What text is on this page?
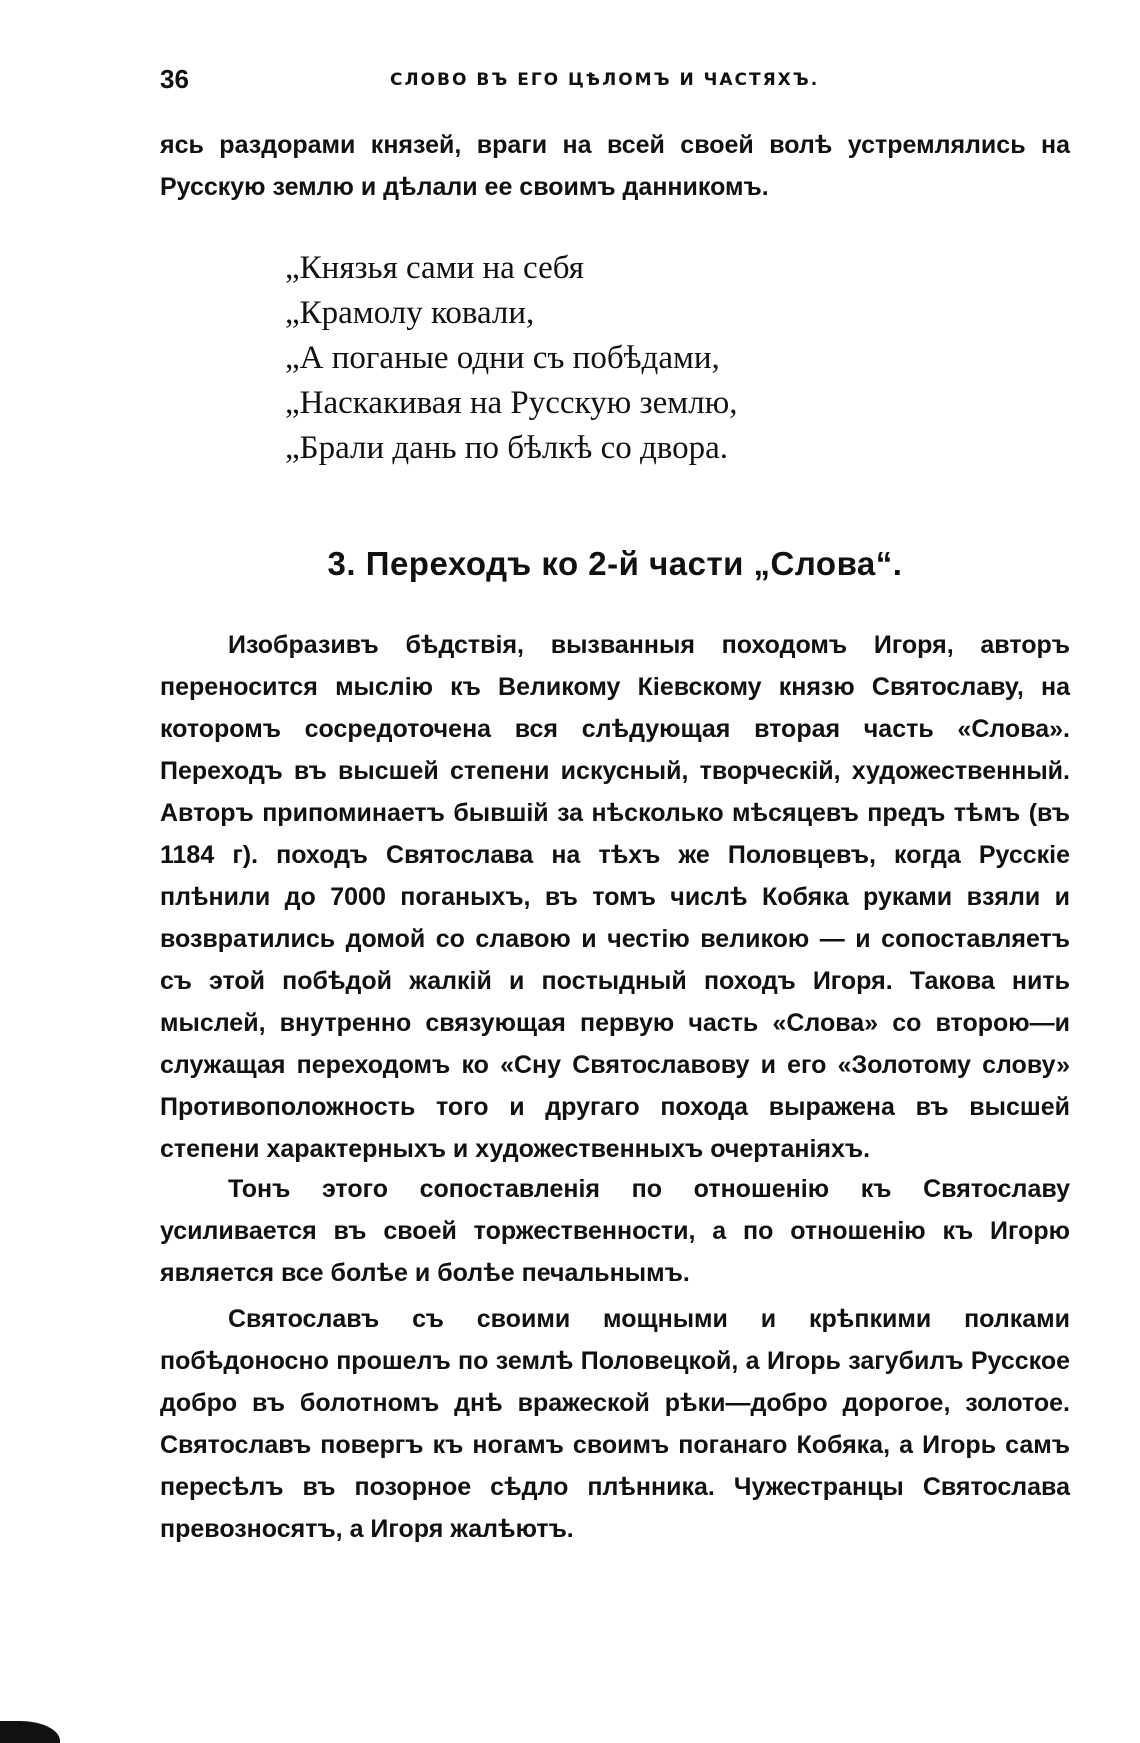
36	СЛОВО ВЪ ЕГО ЦѢЛОМЪ И ЧАСТЯХЪ.

ясь раздорами князей, враги на всей своей волѣ устремлялись на Русскую землю и дѣлали ее своимъ данникомъ.

„Князья сами на себя
„Крамолу ковали,
„А поганые одни съ побѣдами,
„Наскакивая на Русскую землю,
„Брали дань по бѣлкѣ со двора.
3. Переходъ ко 2-й части „Слова“.

Изобразивъ бѣдствія, вызванныя походомъ Игоря, авторъ переносится мыслію къ Великому Кіевскому князю Святославу, на которомъ сосредоточена вся слѣдующая вторая часть «Слова». Переходъ въ высшей степени искусный, творческій, художественный. Авторъ припоминаетъ бывшій за нѣсколько мѣсяцевъ предъ тѣмъ (въ 1184 г). походъ Святослава на тѣхъ же Половцевъ, когда Русскіе плѣнили до 7000 поганыхъ, въ томъ числѣ Кобяка руками взяли и возвратились домой со славою и честію великою — и сопоставляетъ съ этой побѣдой жалкій и постыдный походъ Игоря. Такова нить мыслей, внутренно связующая первую часть «Слова» со второю—и служащая переходомъ ко «Сну Святославову и его «Золотому слову» Противоположность того и другаго похода выражена въ высшей степени характерныхъ и художественныхъ очертаніяхъ.

Тонъ этого сопоставленія по отношенію къ Святославу усиливается въ своей торжественности, а по отношенію къ Игорю является все болѣе и болѣе печальнымъ.

Святославъ съ своими мощными и крѣпкими полками побѣдоносно прошелъ по землѣ Половецкой, а Игорь загубилъ Русское добро въ болотномъ днѣ вражеской рѣки—добро дорогое, золотое. Святославъ повергъ къ ногамъ своимъ поганаго Кобяка, а Игорь самъ пересѣлъ въ позорное сѣдло плѣнника. Чужестранцы Святослава превозносятъ, а Игоря жалѣютъ.
